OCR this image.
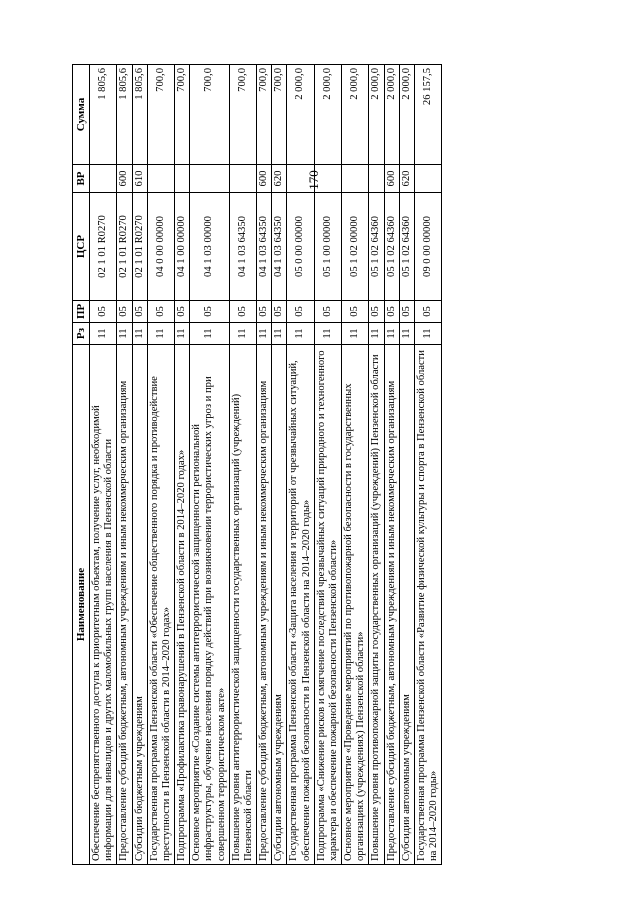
170
Наименование	Рз	ПР	ЦСР	ВР	Сумма
Обеспечение беспрепятственного доступа к приоритетным объектам, получение услуг, необходимой информации для инвалидов и других маломобильных групп населения в Пензенской области	11	05	02 1 01 R0270		1 805,6
Предоставление субсидий бюджетным, автономным учреждениям и иным некоммерческим организациям	11	05	02 1 01 R0270	600	1 805,6
Субсидии бюджетным учреждениям	11	05	02 1 01 R0270	610	1 805,6
Государственная программа Пензенской области «Обеспечение общественного порядка и противодействие преступности в Пензенской области в 2014–2020 годах»	11	05	04 0 00 00000		700,0
Подпрограмма «Профилактика правонарушений в Пензенской области в 2014–2020 годах»	11	05	04 1 00 00000		700,0
Основное мероприятие «Создание системы антитеррористической защищенности региональной инфраструктуры, обучение населения порядку действий при возникновении террористических угроз и при совершенном террористическом акте»	11	05	04 1 03 00000		700,0
Повышение уровня антитеррористической защищенности государственных организаций (учреждений) Пензенской области	11	05	04 1 03 64350		700,0
Предоставление субсидий бюджетным, автономным учреждениям и иным некоммерческим организациям	11	05	04 1 03 64350	600	700,0
Субсидии автономным учреждениям	11	05	04 1 03 64350	620	700,0
Государственная программа Пензенской области «Защита населения и территорий от чрезвычайных ситуаций, обеспечение пожарной безопасности в Пензенской области на 2014–2020 годы»	11	05	05 0 00 00000		2 000,0
Подпрограмма «Снижение рисков и смягчение последствий чрезвычайных ситуаций природного и техногенного характера и обеспечение пожарной безопасности Пензенской области»	11	05	05 1 00 00000		2 000,0
Основное мероприятие «Проведение мероприятий по противопожарной безопасности в государственных организациях (учреждениях) Пензенской области»	11	05	05 1 02 00000		2 000,0
Повышение уровня противопожарной защиты государственных организаций (учреждений) Пензенской области	11	05	05 1 02 64360		2 000,0
Предоставление субсидий бюджетным, автономным учреждениям и иным некоммерческим организациям	11	05	05 1 02 64360	600	2 000,0
Субсидии автономным учреждениям	11	05	05 1 02 64360	620	2 000,0
Государственная программа Пензенской области «Развитие физической культуры и спорта в Пензенской области на 2014–2020 годы»	11	05	09 0 00 00000		26 157,5
